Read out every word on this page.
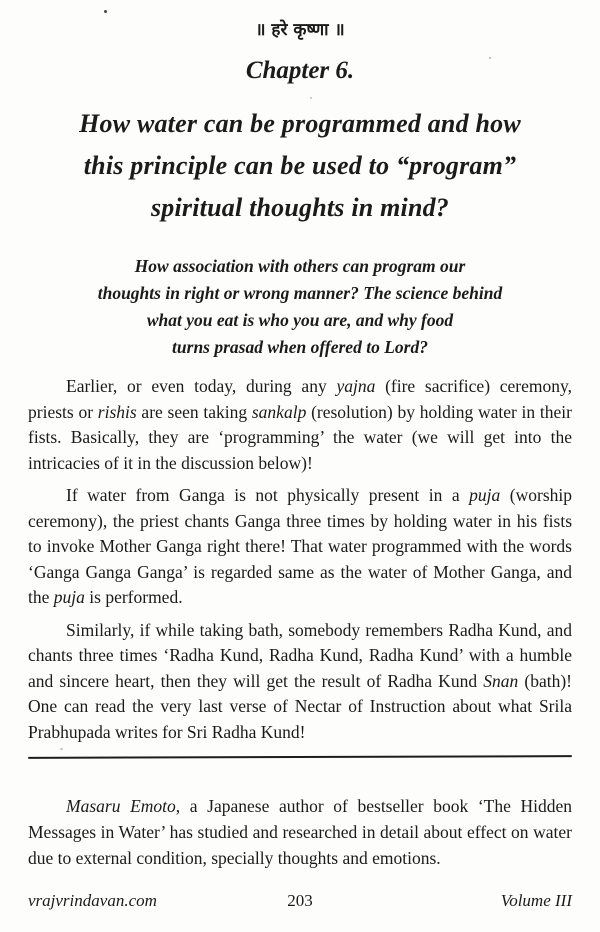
॥ हरे कृष्णा ॥
Chapter 6.
How water can be programmed and how
this principle can be used to “program”
spiritual thoughts in mind?
How association with others can program our
thoughts in right or wrong manner? The science behind
what you eat is who you are, and why food
turns prasad when offered to Lord?

Earlier, or even today, during any yajna (fire sacrifice) ceremony, priests or rishis are seen taking sankalp (resolution) by holding water in their fists. Basically, they are ‘programming’ the water (we will get into the intricacies of it in the discussion below)!

If water from Ganga is not physically present in a puja (worship ceremony), the priest chants Ganga three times by holding water in his fists to invoke Mother Ganga right there! That water programmed with the words ‘Ganga Ganga Ganga’ is regarded same as the water of Mother Ganga, and the puja is performed.

Similarly, if while taking bath, somebody remembers Radha Kund, and chants three times ‘Radha Kund, Radha Kund, Radha Kund’ with a humble and sincere heart, then they will get the result of Radha Kund Snan (bath)! One can read the very last verse of Nectar of Instruction about what Srila Prabhupada writes for Sri Radha Kund!

Masaru Emoto, a Japanese author of bestseller book ‘The Hidden Messages in Water’ has studied and researched in detail about effect on water due to external condition, specially thoughts and emotions.

vrajvrindavan.com	203	Volume III
